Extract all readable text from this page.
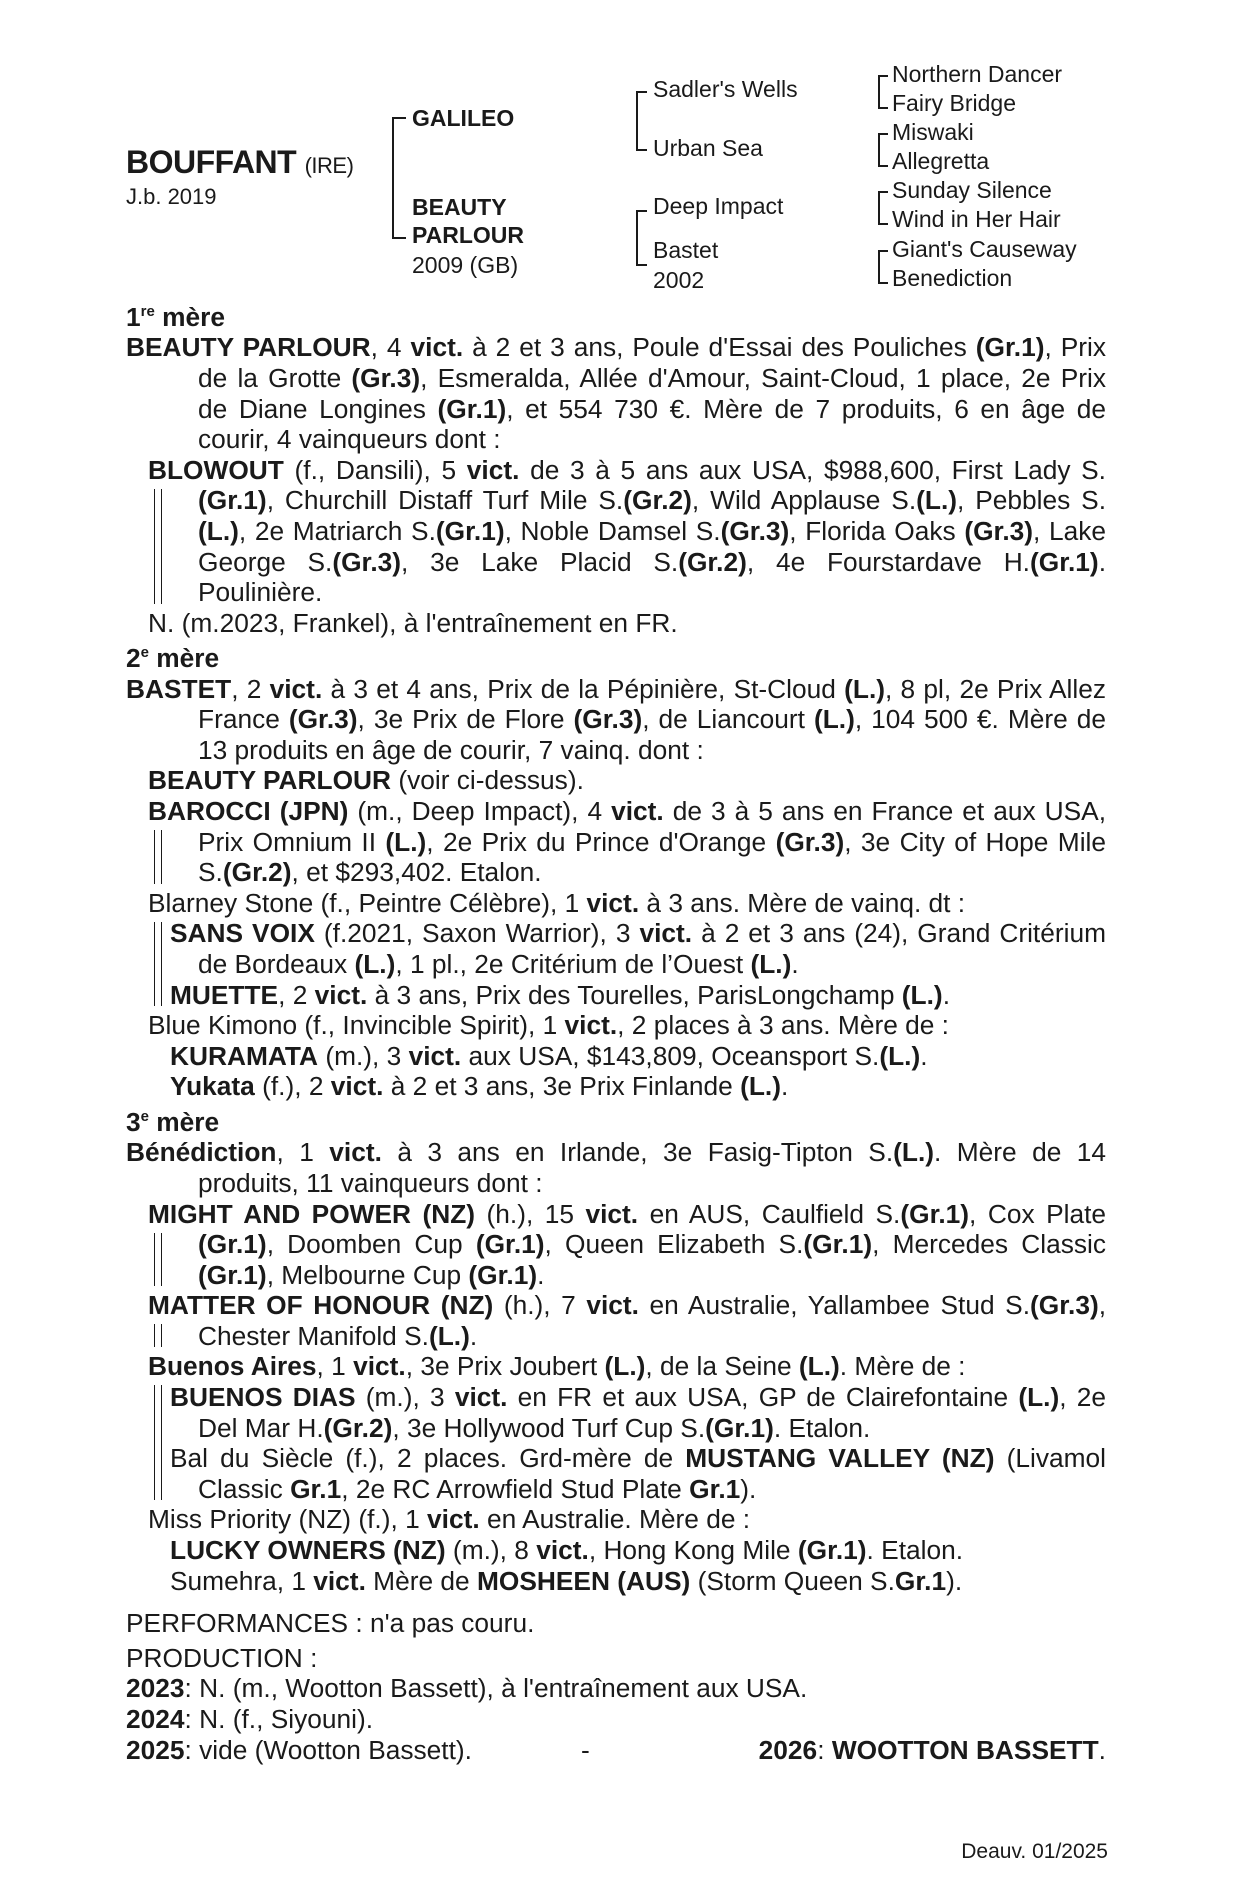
BOUFFANT (IRE)
J.b. 2019
GALILEO
BEAUTY
PARLOUR
2009 (GB)
Sadler's Wells
Urban Sea
Deep Impact
Bastet
2002
Northern Dancer
Fairy Bridge
Miswaki
Allegretta
Sunday Silence
Wind in Her Hair
Giant's Causeway
Benediction
1re mère
BEAUTY PARLOUR, 4 vict. à 2 et 3 ans, Poule d'Essai des Pouliches (Gr.1), Prix de la Grotte (Gr.3), Esmeralda, Allée d'Amour, Saint-Cloud, 1 place, 2e Prix de Diane Longines (Gr.1), et 554 730 €. Mère de 7 produits, 6 en âge de courir, 4 vainqueurs dont :
BLOWOUT (f., Dansili), 5 vict. de 3 à 5 ans aux USA, $988,600, First Lady S.(Gr.1), Churchill Distaff Turf Mile S.(Gr.2), Wild Applause S.(L.), Pebbles S.(L.), 2e Matriarch S.(Gr.1), Noble Damsel S.(Gr.3), Florida Oaks (Gr.3), Lake George S.(Gr.3), 3e Lake Placid S.(Gr.2), 4e Fourstardave H.(Gr.1). Poulinière.
N. (m.2023, Frankel), à l'entraînement en FR.
2e mère
BASTET, 2 vict. à 3 et 4 ans, Prix de la Pépinière, St-Cloud (L.), 8 pl, 2e Prix Allez France (Gr.3), 3e Prix de Flore (Gr.3), de Liancourt (L.), 104 500 €. Mère de 13 produits en âge de courir, 7 vainq. dont :
BEAUTY PARLOUR (voir ci-dessus).
BAROCCI (JPN) (m., Deep Impact), 4 vict. de 3 à 5 ans en France et aux USA, Prix Omnium II (L.), 2e Prix du Prince d'Orange (Gr.3), 3e City of Hope Mile S.(Gr.2), et $293,402. Etalon.
Blarney Stone (f., Peintre Célèbre), 1 vict. à 3 ans. Mère de vainq. dt :
SANS VOIX (f.2021, Saxon Warrior), 3 vict. à 2 et 3 ans (24), Grand Critérium de Bordeaux (L.), 1 pl., 2e Critérium de l’Ouest (L.).
MUETTE, 2 vict. à 3 ans, Prix des Tourelles, ParisLongchamp (L.).
Blue Kimono (f., Invincible Spirit), 1 vict., 2 places à 3 ans. Mère de :
KURAMATA (m.), 3 vict. aux USA, $143,809, Oceansport S.(L.).
Yukata (f.), 2 vict. à 2 et 3 ans, 3e Prix Finlande (L.).
3e mère
Bénédiction, 1 vict. à 3 ans en Irlande, 3e Fasig-Tipton S.(L.). Mère de 14 produits, 11 vainqueurs dont :
MIGHT AND POWER (NZ) (h.), 15 vict. en AUS, Caulfield S.(Gr.1), Cox Plate (Gr.1), Doomben Cup (Gr.1), Queen Elizabeth S.(Gr.1), Mercedes Classic (Gr.1), Melbourne Cup (Gr.1).
MATTER OF HONOUR (NZ) (h.), 7 vict. en Australie, Yallambee Stud S.(Gr.3), Chester Manifold S.(L.).
Buenos Aires, 1 vict., 3e Prix Joubert (L.), de la Seine (L.). Mère de :
BUENOS DIAS (m.), 3 vict. en FR et aux USA, GP de Clairefontaine (L.), 2e Del Mar H.(Gr.2), 3e Hollywood Turf Cup S.(Gr.1). Etalon.
Bal du Siècle (f.), 2 places. Grd-mère de MUSTANG VALLEY (NZ) (Livamol Classic Gr.1, 2e RC Arrowfield Stud Plate Gr.1).
Miss Priority (NZ) (f.), 1 vict. en Australie. Mère de :
LUCKY OWNERS (NZ) (m.), 8 vict., Hong Kong Mile (Gr.1). Etalon.
Sumehra, 1 vict. Mère de MOSHEEN (AUS) (Storm Queen S.Gr.1).
PERFORMANCES : n'a pas couru.
PRODUCTION :
2023: N. (m., Wootton Bassett), à l'entraînement aux USA.
2024: N. (f., Siyouni).
2025: vide (Wootton Bassett).	-	2026: WOOTTON BASSETT.
Deauv. 01/2025
